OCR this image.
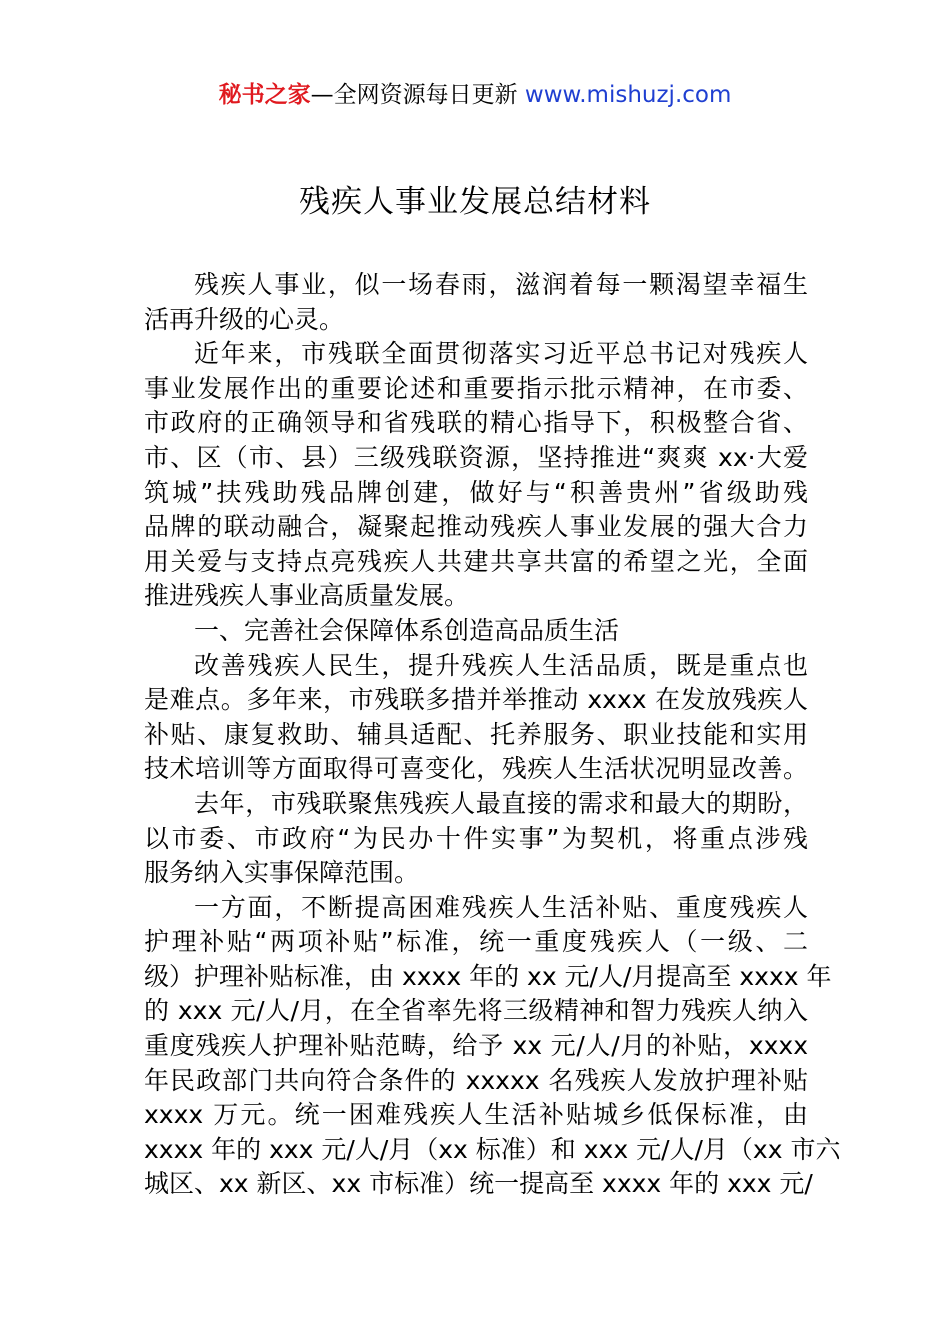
秘书之家—全网资源每日更新 www.mishuzj.com
残疾人事业发展总结材料
残疾人事业，似一场春雨，滋润着每一颗渴望幸福生
活再升级的心灵。
近年来，市残联全面贯彻落实习近平总书记对残疾人
事业发展作出的重要论述和重要指示批示精神，在市委、
市政府的正确领导和省残联的精心指导下，积极整合省、
市、区（市、县）三级残联资源，坚持推进“爽爽 xx·大爱
筑城”扶残助残品牌创建，做好与“积善贵州”省级助残
品牌的联动融合，凝聚起推动残疾人事业发展的强大合力
用关爱与支持点亮残疾人共建共享共富的希望之光，全面
推进残疾人事业高质量发展。
一、完善社会保障体系创造高品质生活
改善残疾人民生，提升残疾人生活品质，既是重点也
是难点。多年来，市残联多措并举推动 xxxx 在发放残疾人
补贴、康复救助、辅具适配、托养服务、职业技能和实用
技术培训等方面取得可喜变化，残疾人生活状况明显改善。
去年，市残联聚焦残疾人最直接的需求和最大的期盼，
以市委、市政府“为民办十件实事”为契机，将重点涉残
服务纳入实事保障范围。
一方面，不断提高困难残疾人生活补贴、重度残疾人
护理补贴“两项补贴”标准，统一重度残疾人（一级、二
级）护理补贴标准，由 xxxx 年的 xx 元/人/月提高至 xxxx 年
的 xxx 元/人/月，在全省率先将三级精神和智力残疾人纳入
重度残疾人护理补贴范畴，给予 xx 元/人/月的补贴，xxxx
年民政部门共向符合条件的 xxxxx 名残疾人发放护理补贴
xxxx 万元。统一困难残疾人生活补贴城乡低保标准，由
xxxx 年的 xxx 元/人/月（xx 标准）和 xxx 元/人/月（xx 市六
城区、xx 新区、xx 市标准）统一提高至 xxxx 年的 xxx 元/
